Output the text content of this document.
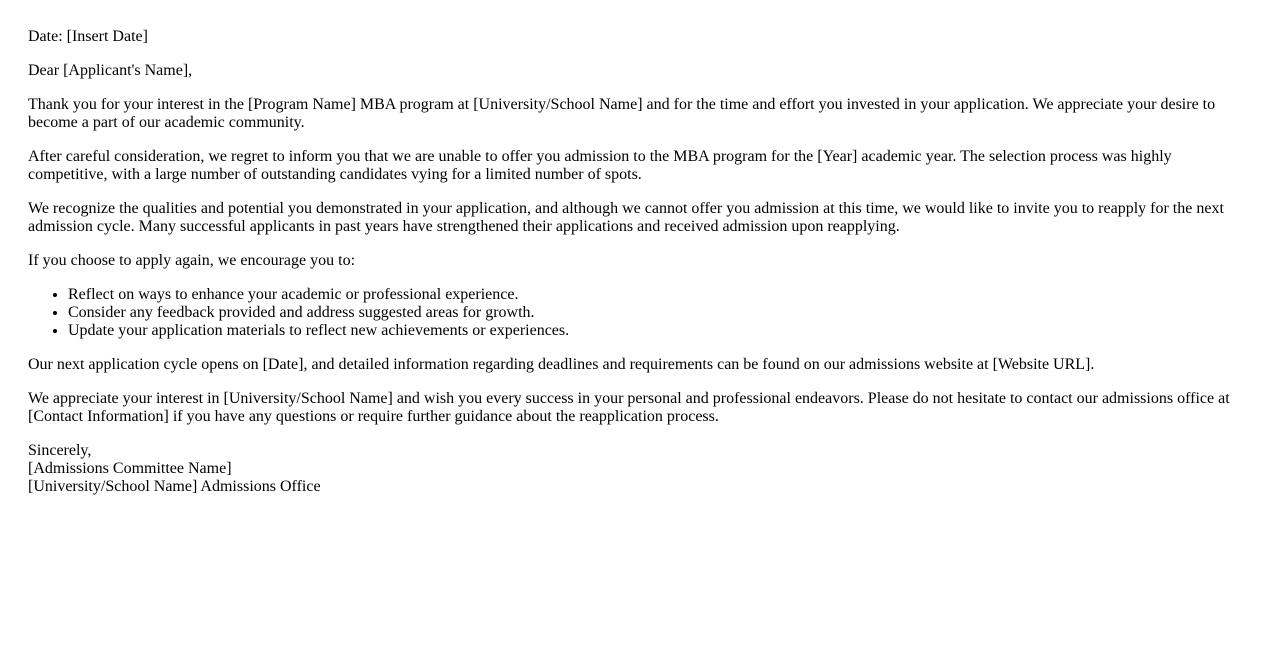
Date: [Insert Date]

Dear [Applicant's Name],

Thank you for your interest in the [Program Name] MBA program at [University/School Name] and for the time and effort you invested in your application. We appreciate your desire to become a part of our academic community.

After careful consideration, we regret to inform you that we are unable to offer you admission to the MBA program for the [Year] academic year. The selection process was highly competitive, with a large number of outstanding candidates vying for a limited number of spots.

We recognize the qualities and potential you demonstrated in your application, and although we cannot offer you admission at this time, we would like to invite you to reapply for the next admission cycle. Many successful applicants in past years have strengthened their applications and received admission upon reapplying.

If you choose to apply again, we encourage you to:

• Reflect on ways to enhance your academic or professional experience.
• Consider any feedback provided and address suggested areas for growth.
• Update your application materials to reflect new achievements or experiences.

Our next application cycle opens on [Date], and detailed information regarding deadlines and requirements can be found on our admissions website at [Website URL].

We appreciate your interest in [University/School Name] and wish you every success in your personal and professional endeavors. Please do not hesitate to contact our admissions office at [Contact Information] if you have any questions or require further guidance about the reapplication process.

Sincerely,
[Admissions Committee Name]
[University/School Name] Admissions Office
